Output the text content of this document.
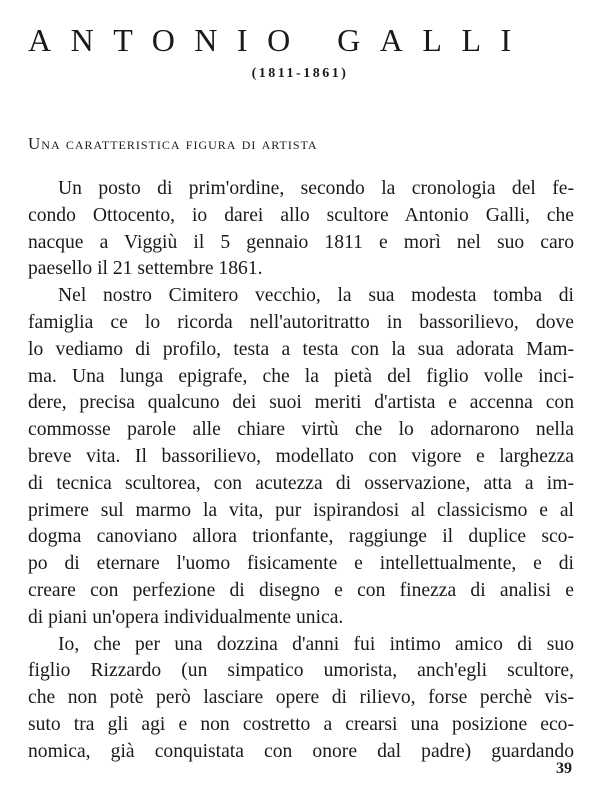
ANTONIO GALLI

(1811-1861)

Una caratteristica figura di artista
Un posto di prim'ordine, secondo la cronologia del fe-
condo Ottocento, io darei allo scultore Antonio Galli, che
nacque a Viggiù il 5 gennaio 1811 e morì nel suo caro
paesello il 21 settembre 1861.
Nel nostro Cimitero vecchio, la sua modesta tomba di
famiglia ce lo ricorda nell'autoritratto in bassorilievo, dove
lo vediamo di profilo, testa a testa con la sua adorata Mam-
ma. Una lunga epigrafe, che la pietà del figlio volle inci-
dere, precisa qualcuno dei suoi meriti d'artista e accenna con
commosse parole alle chiare virtù che lo adornarono nella
breve vita. Il bassorilievo, modellato con vigore e larghezza
di tecnica scultorea, con acutezza di osservazione, atta a im-
primere sul marmo la vita, pur ispirandosi al classicismo e al
dogma canoviano allora trionfante, raggiunge il duplice sco-
po di eternare l'uomo fisicamente e intellettualmente, e di
creare con perfezione di disegno e con finezza di analisi e
di piani un'opera individualmente unica.
Io, che per una dozzina d'anni fui intimo amico di suo
figlio Rizzardo (un simpatico umorista, anch'egli scultore,
che non potè però lasciare opere di rilievo, forse perchè vis-
suto tra gli agi e non costretto a crearsi una posizione eco-
nomica, già conquistata con onore dal padre) guardando

39
